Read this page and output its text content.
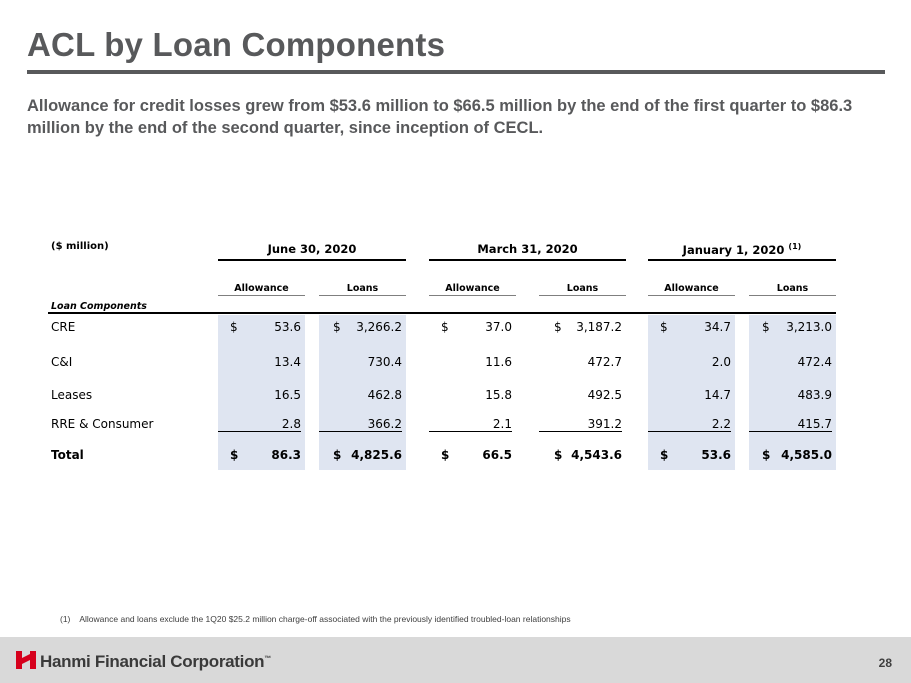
ACL by Loan Components
Allowance for credit losses grew from $53.6 million to $66.5 million by the end of the first quarter to $86.3 million by the end of the second quarter, since inception of CECL.
($ million)	June 30, 2020	March 31, 2020	January 1, 2020 $^{(1)}$
Allowance	Loans	Allowance	Loans	Allowance	Loans
Loan Components
CRE	$	53.6	$	3,266.2	$	37.0	$	3,187.2	$	34.7	$	3,213.0
C&I	13.4	730.4	11.6	472.7	2.0	472.4
Leases	16.5	462.8	15.8	492.5	14.7	483.9
RRE & Consumer	2.8	366.2	2.1	391.2	2.2	415.7
Total	$	86.3	$ 4,825.6	$	66.5	$ 4,543.6	$	53.6	$ 4,585.0
(1)    Allowance and loans exclude the 1Q20 $25.2 million charge-off associated with the previously identified troubled-loan relationships
Hanmi Financial Corporation™	28
